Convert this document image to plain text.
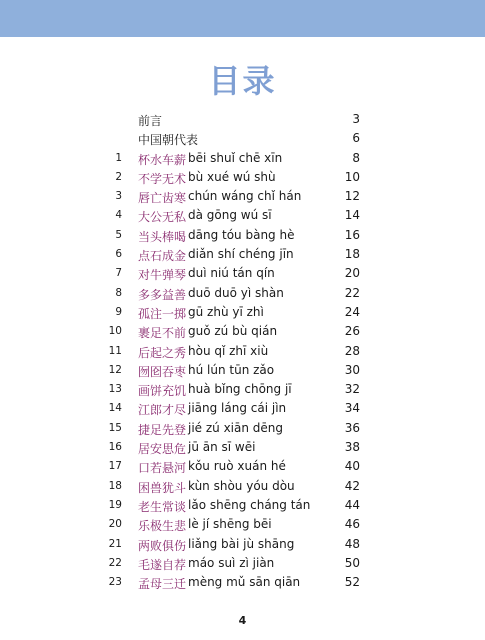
目录
前言	3
中国朝代表	6
1 杯水车薪 bēi shuǐ chē xīn	8
2 不学无术 bù xué wú shù	10
3 唇亡齿寒 chún wáng chǐ hán	12
4 大公无私 dà gōng wú sī	14
5 当头棒喝 dāng tóu bàng hè	16
6 点石成金 diǎn shí chéng jīn	18
7 对牛弹琴 duì niú tán qín	20
8 多多益善 duō duō yì shàn	22
9 孤注一掷 gū zhù yī zhì	24
10 裹足不前 guǒ zú bù qián	26
11 后起之秀 hòu qǐ zhī xiù	28
12 囫囵吞枣 hú lún tūn zǎo	30
13 画饼充饥 huà bǐng chōng jī	32
14 江郎才尽 jiāng láng cái jìn	34
15 捷足先登 jié zú xiān dēng	36
16 居安思危 jū ān sī wēi	38
17 口若悬河 kǒu ruò xuán hé	40
18 困兽犹斗 kùn shòu yóu dòu	42
19 老生常谈 lǎo shēng cháng tán	44
20 乐极生悲 lè jí shēng bēi	46
21 两败俱伤 liǎng bài jù shāng	48
22 毛遂自荐 máo suì zì jiàn	50
23 孟母三迁 mèng mǔ sān qiān	52
4
